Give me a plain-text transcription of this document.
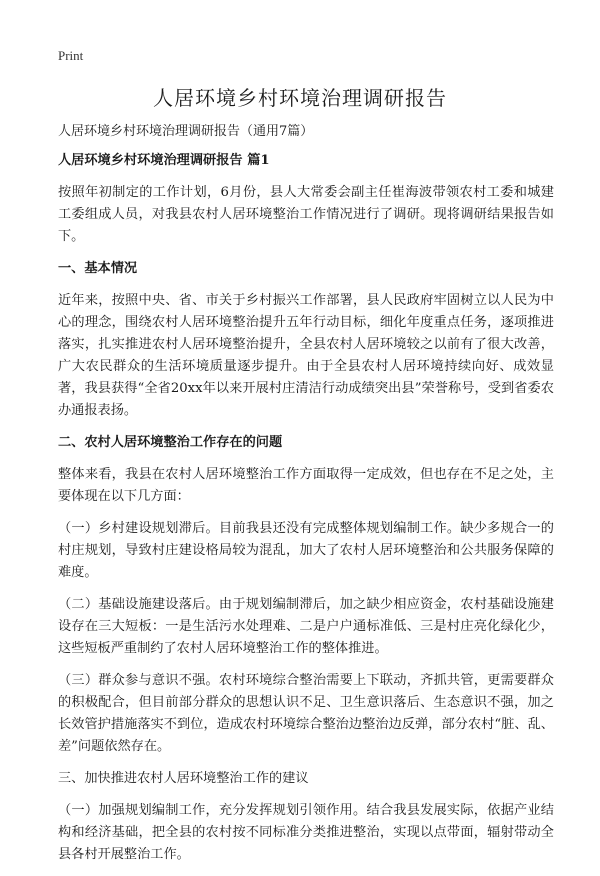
Print
人居环境乡村环境治理调研报告
人居环境乡村环境治理调研报告（通用7篇）
人居环境乡村环境治理调研报告 篇1
按照年初制定的工作计划，6月份，县人大常委会副主任崔海波带领农村工委和城建工委组成人员，对我县农村人居环境整治工作情况进行了调研。现将调研结果报告如下。
一、基本情况
近年来，按照中央、省、市关于乡村振兴工作部署，县人民政府牢固树立以人民为中心的理念，围绕农村人居环境整治提升五年行动目标，细化年度重点任务，逐项推进落实，扎实推进农村人居环境整治提升，全县农村人居环境较之以前有了很大改善，广大农民群众的生活环境质量逐步提升。由于全县农村人居环境持续向好、成效显著，我县获得“全省20xx年以来开展村庄清洁行动成绩突出县”荣誉称号，受到省委农办通报表扬。
二、农村人居环境整治工作存在的问题
整体来看，我县在农村人居环境整治工作方面取得一定成效，但也存在不足之处，主要体现在以下几方面：
（一）乡村建设规划滞后。目前我县还没有完成整体规划编制工作。缺少多规合一的村庄规划，导致村庄建设格局较为混乱，加大了农村人居环境整治和公共服务保障的难度。
（二）基础设施建设落后。由于规划编制滞后，加之缺少相应资金，农村基础设施建设存在三大短板：一是生活污水处理难、二是户户通标准低、三是村庄亮化绿化少，这些短板严重制约了农村人居环境整治工作的整体推进。
（三）群众参与意识不强。农村环境综合整治需要上下联动，齐抓共管，更需要群众的积极配合，但目前部分群众的思想认识不足、卫生意识落后、生态意识不强，加之长效管护措施落实不到位，造成农村环境综合整治边整治边反弹，部分农村“脏、乱、差”问题依然存在。
三、加快推进农村人居环境整治工作的建议
（一）加强规划编制工作，充分发挥规划引领作用。结合我县发展实际，依据产业结构和经济基础，把全县的农村按不同标准分类推进整治，实现以点带面，辐射带动全县各村开展整治工作。
